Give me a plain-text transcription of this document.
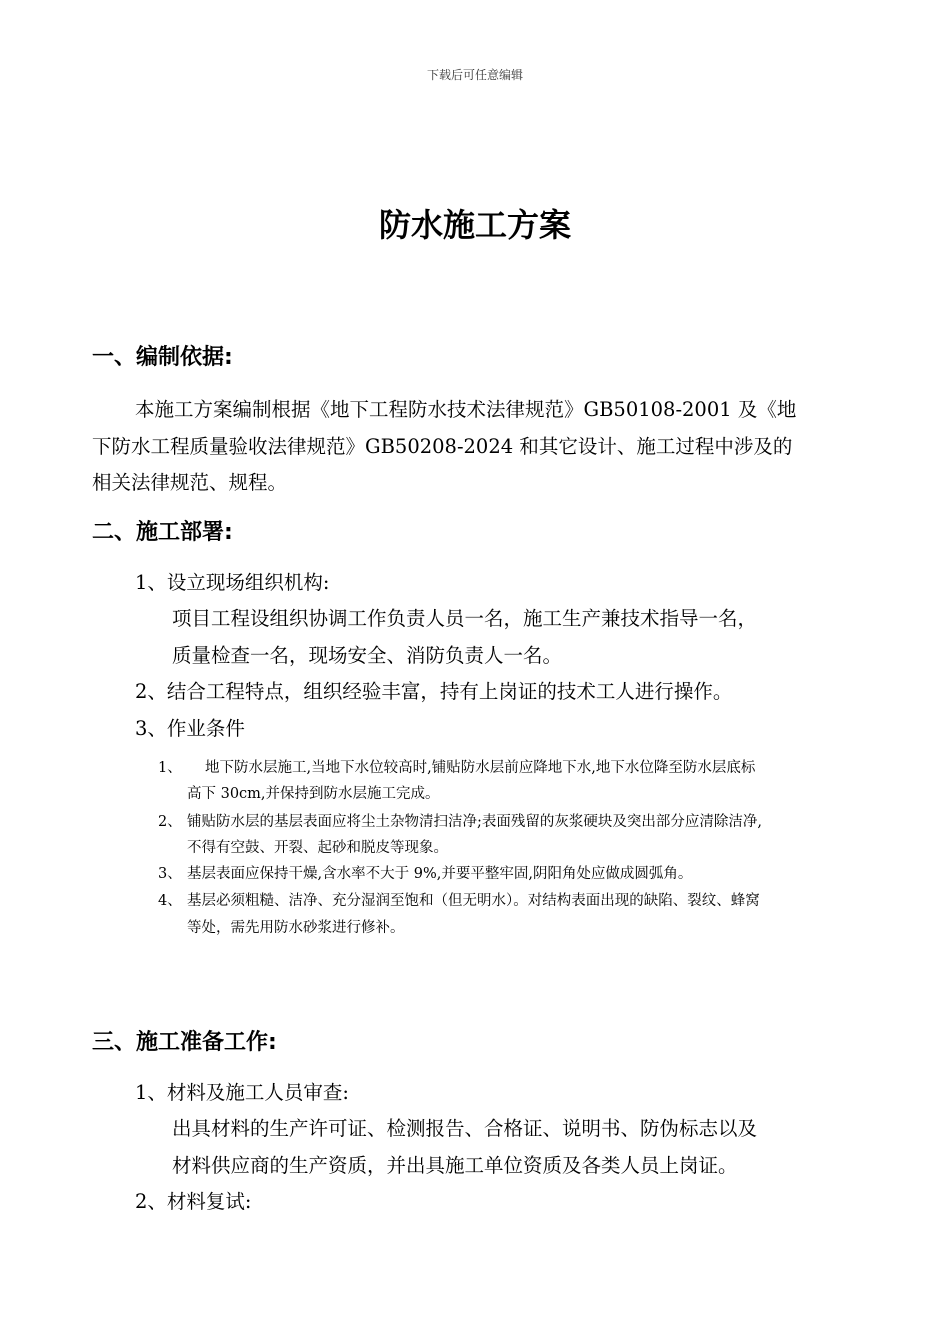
下载后可任意编辑
防水施工方案
一、编制依据:
本施工方案编制根据《地下工程防水技术法律规范》GB50108-2001 及《地
下防水工程质量验收法律规范》GB50208-2024 和其它设计、施工过程中涉及的
相关法律规范、规程。
二、施工部署:
1、设立现场组织机构:
项目工程设组织协调工作负责人员一名，施工生产兼技术指导一名，
质量检查一名，现场安全、消防负责人一名。
2、结合工程特点，组织经验丰富，持有上岗证的技术工人进行操作。
3、作业条件
1、 地下防水层施工,当地下水位较高时,铺贴防水层前应降地下水,地下水位降至防水层底标
高下 30cm,并保持到防水层施工完成。
2、 铺贴防水层的基层表面应将尘土杂物清扫洁净;表面残留的灰浆硬块及突出部分应清除洁净,
不得有空鼓、开裂、起砂和脱皮等现象。
3、 基层表面应保持干燥,含水率不大于 9%,并要平整牢固,阴阳角处应做成圆弧角。
4、 基层必须粗糙、洁净、充分湿润至饱和（但无明水）。对结构表面出现的缺陷、裂纹、蜂窝
等处，需先用防水砂浆进行修补。
三、施工准备工作:
1、材料及施工人员审查:
出具材料的生产许可证、检测报告、合格证、说明书、防伪标志以及
材料供应商的生产资质，并出具施工单位资质及各类人员上岗证。
2、材料复试:
